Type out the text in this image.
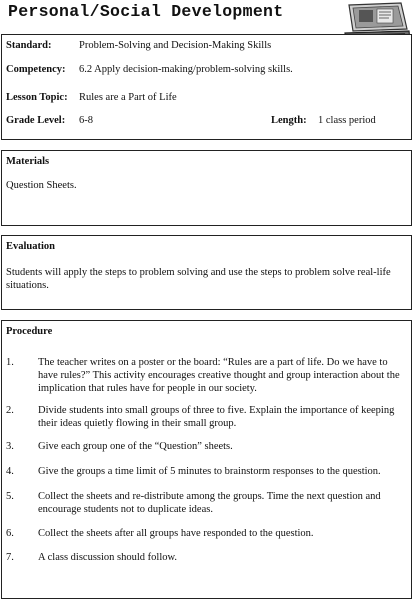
Personal/Social Development
Standard:	Problem-Solving and Decision-Making Skills
Competency: 6.2 Apply decision-making/problem-solving skills.
Lesson Topic: Rules are a Part of Life
Grade Level: 6-8	Length: 1 class period
Materials
Question Sheets.
Evaluation
Students will apply the steps to problem solving and use the steps to problem solve real-life situations.
Procedure
1. The teacher writes on a poster or the board: “Rules are a part of life. Do we have to have rules?” This activity encourages creative thought and group interaction about the implication that rules have for people in our society.
2. Divide students into small groups of three to five. Explain the importance of keeping their ideas quietly flowing in their small group.
3. Give each group one of the “Question” sheets.
4. Give the groups a time limit of 5 minutes to brainstorm responses to the question.
5. Collect the sheets and re-distribute among the groups. Time the next question and encourage students not to duplicate ideas.
6. Collect the sheets after all groups have responded to the question.
7. A class discussion should follow.
